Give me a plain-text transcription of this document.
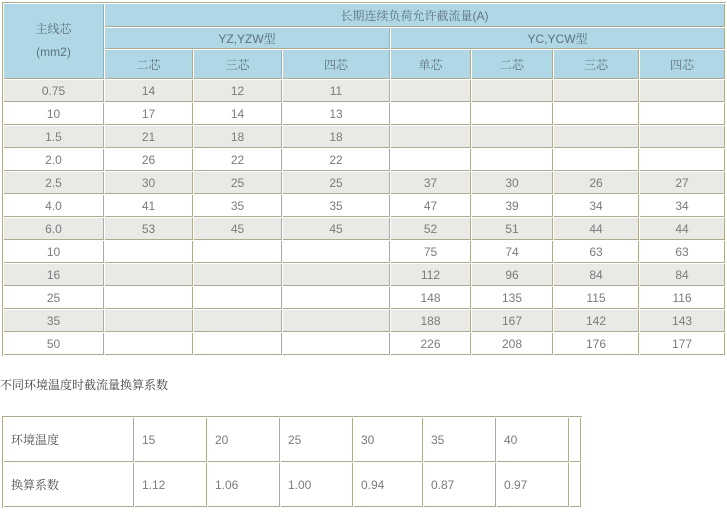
主线芯
(mm2)	长期连续负荷允许截流量(A)						
	YZ,YZW型			YC,YCW型			
	二芯	三芯	四芯	单芯	二芯	三芯	四芯
0.75	14	12	11				
10	17	14	13				
1.5	21	18	18				
2.0	26	22	22				
2.5	30	25	25	37	30	26	27
4.0	41	35	35	47	39	34	34
6.0	53	45	45	52	51	44	44
10				75	74	63	63
16				112	96	84	84
25				148	135	115	116
35				188	167	142	143
50				226	208	176	177
不同环境温度时截流量换算系数
环境温度	15	20	25	30	35	40	
换算系数	1.12	1.06	1.00	0.94	0.87	0.97	
